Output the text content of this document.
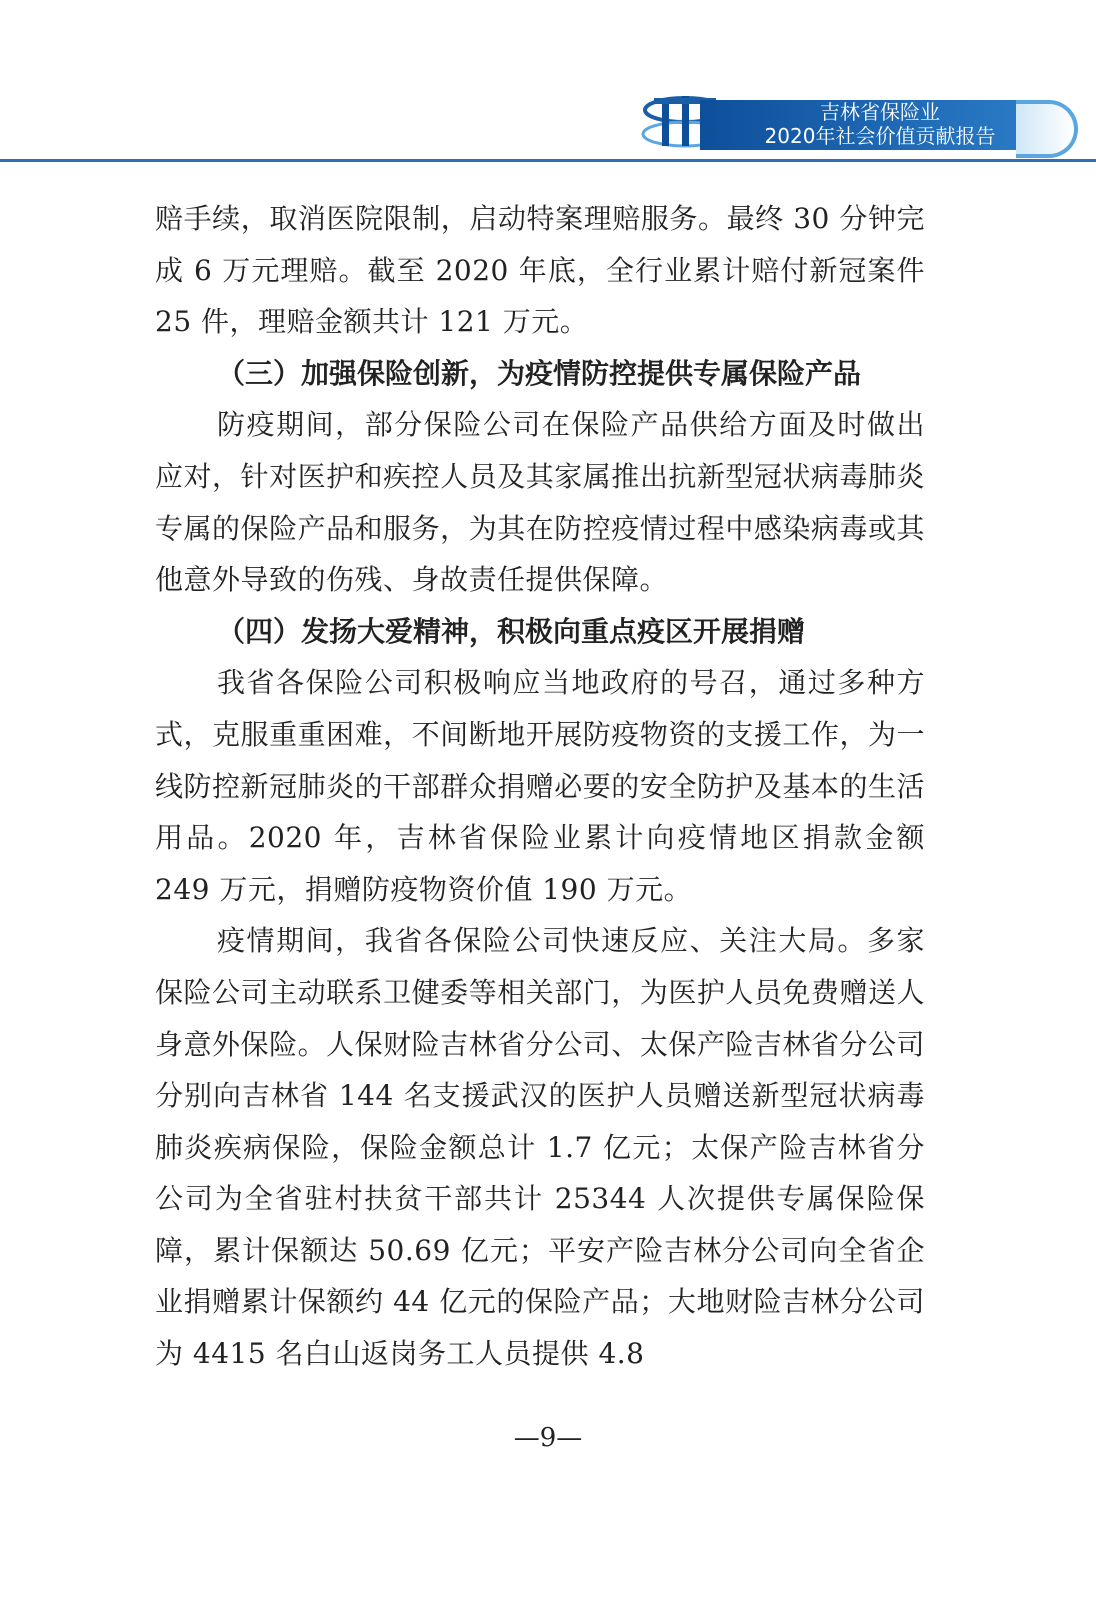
吉林省保险业
2020年社会价值贡献报告

赔手续，取消医院限制，启动特案理赔服务。最终 30 分钟完成 6 万元理赔。截至 2020 年底，全行业累计赔付新冠案件 25 件，理赔金额共计 121 万元。

（三）加强保险创新，为疫情防控提供专属保险产品

防疫期间，部分保险公司在保险产品供给方面及时做出应对，针对医护和疾控人员及其家属推出抗新型冠状病毒肺炎专属的保险产品和服务，为其在防控疫情过程中感染病毒或其他意外导致的伤残、身故责任提供保障。

（四）发扬大爱精神，积极向重点疫区开展捐赠

我省各保险公司积极响应当地政府的号召，通过多种方式，克服重重困难，不间断地开展防疫物资的支援工作，为一线防控新冠肺炎的干部群众捐赠必要的安全防护及基本的生活用品。2020 年，吉林省保险业累计向疫情地区捐款金额 249 万元，捐赠防疫物资价值 190 万元。

疫情期间，我省各保险公司快速反应、关注大局。多家保险公司主动联系卫健委等相关部门，为医护人员免费赠送人身意外保险。人保财险吉林省分公司、太保产险吉林省分公司分别向吉林省 144 名支援武汉的医护人员赠送新型冠状病毒肺炎疾病保险，保险金额总计 1.7 亿元；太保产险吉林省分公司为全省驻村扶贫干部共计 25344 人次提供专属保险保障，累计保额达 50.69 亿元；平安产险吉林分公司向全省企业捐赠累计保额约 44 亿元的保险产品；大地财险吉林分公司为 4415 名白山返岗务工人员提供 4.8

—9—
